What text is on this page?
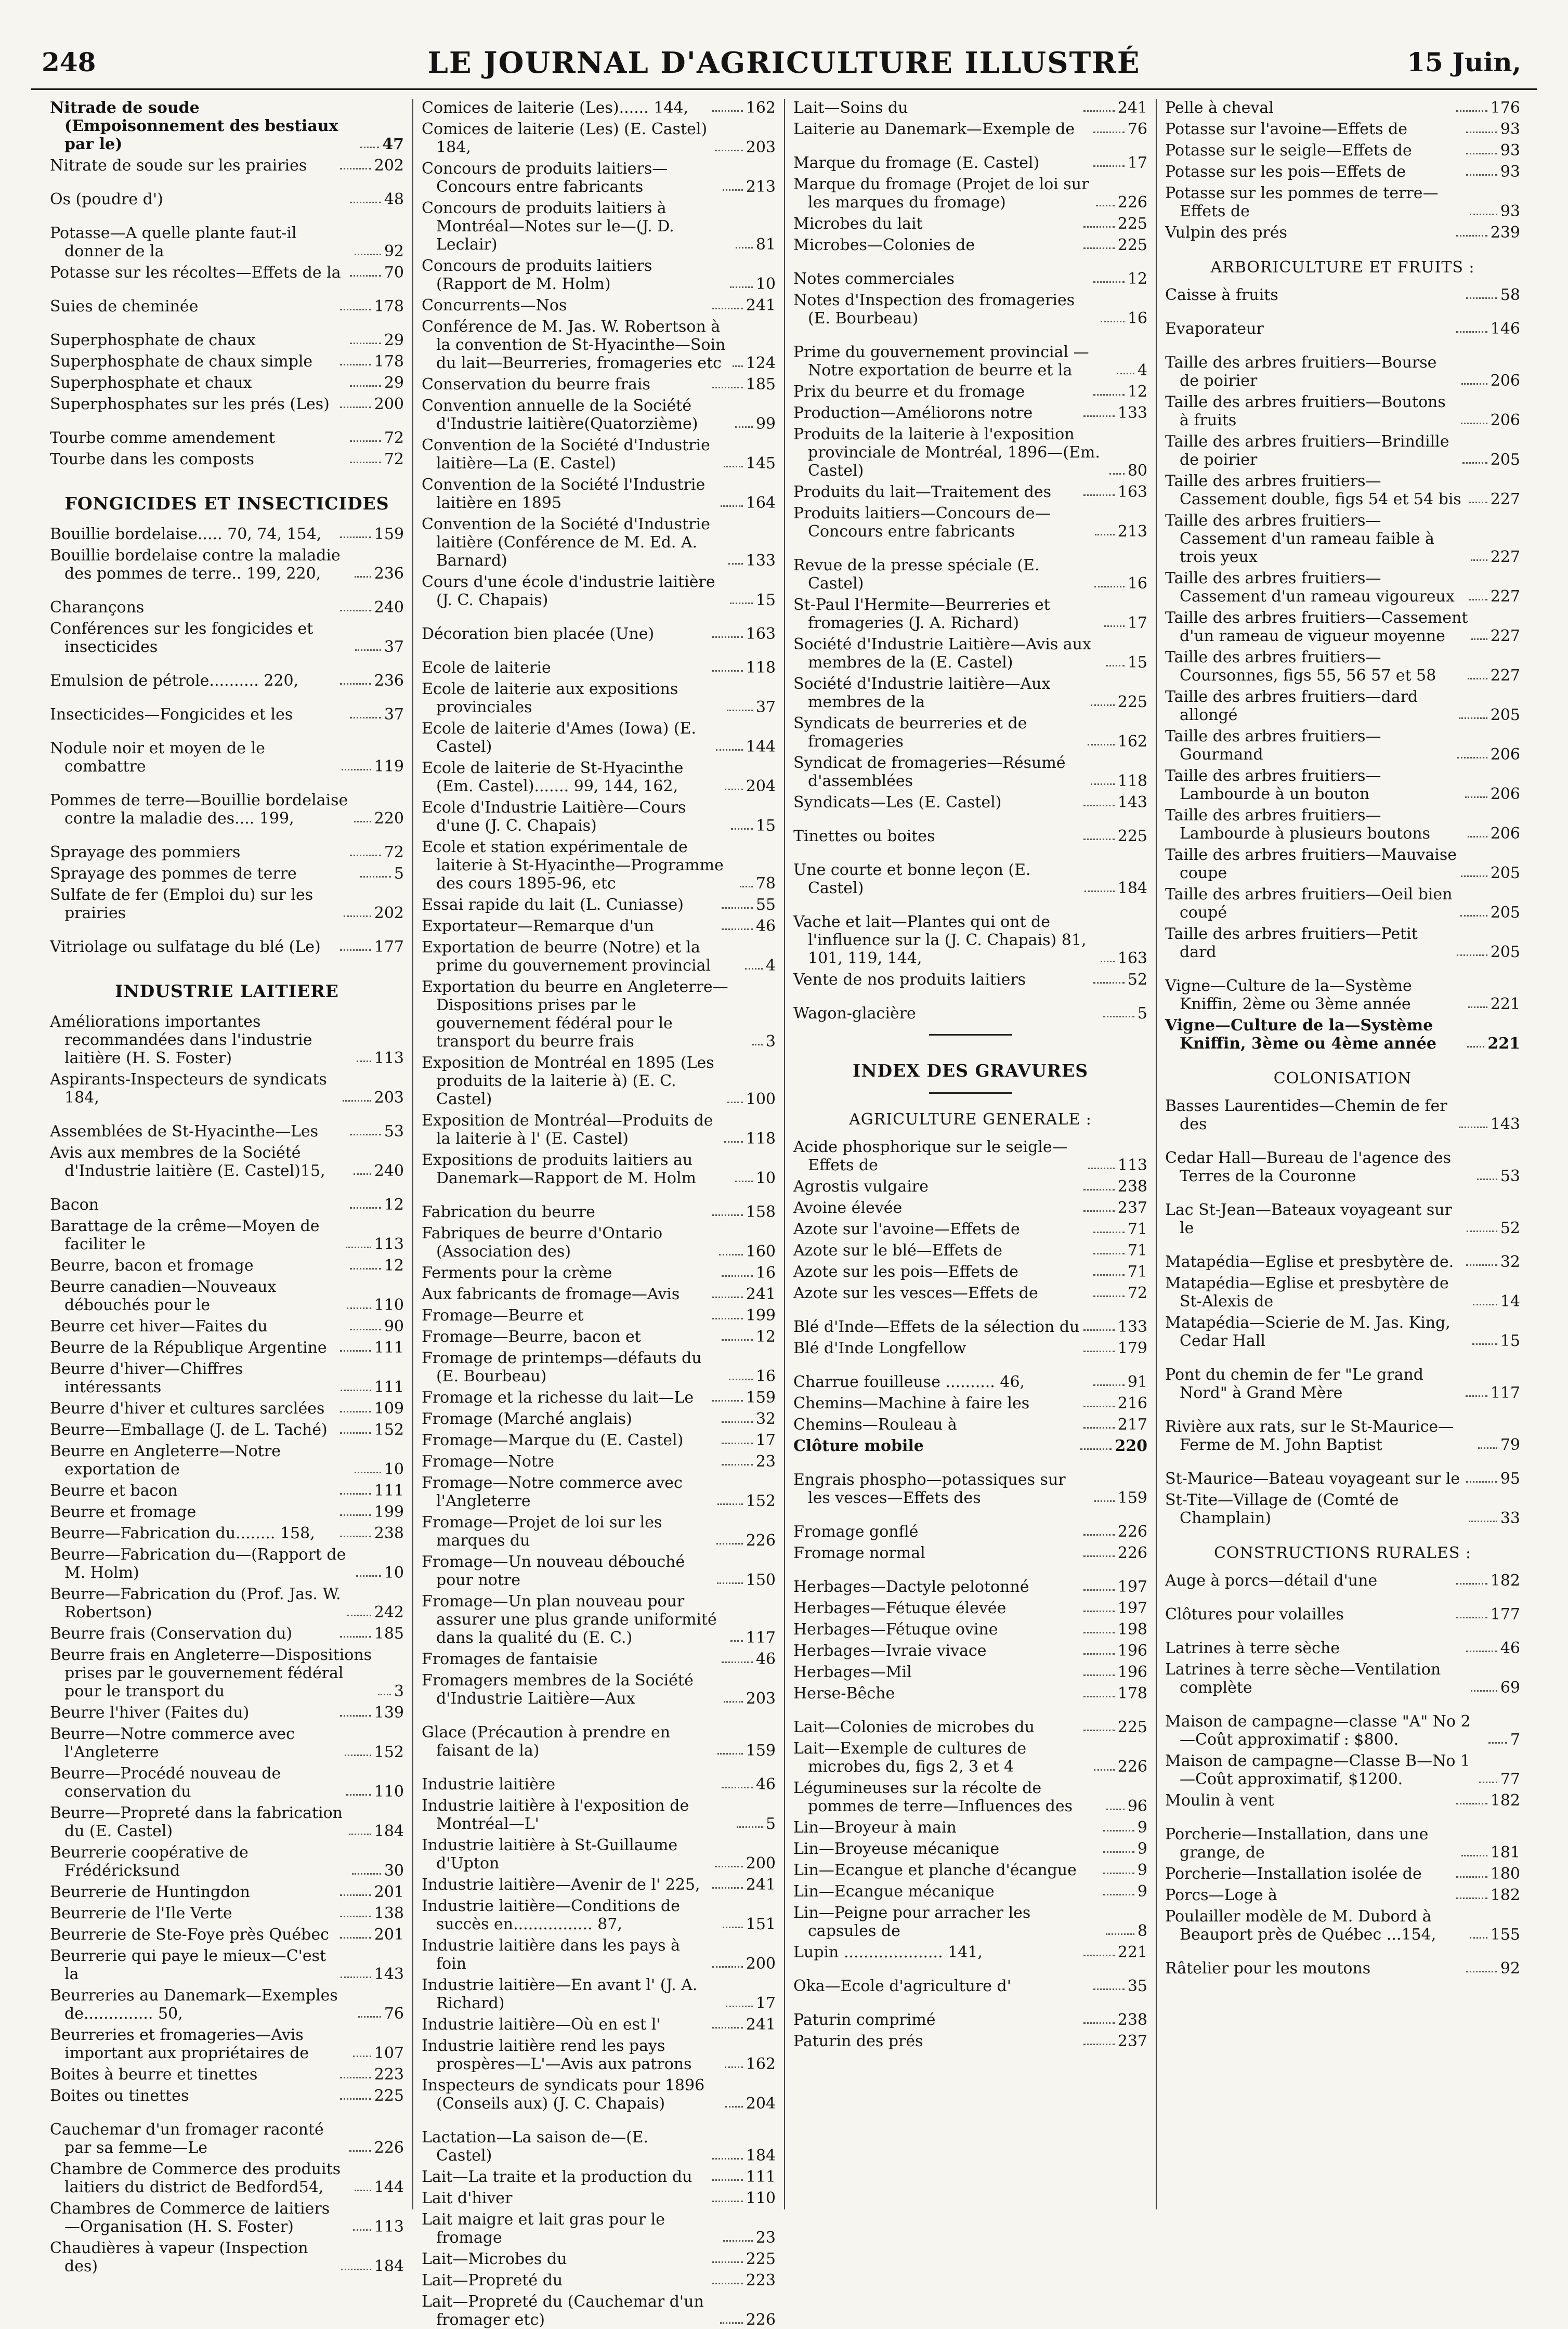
248	LE JOURNAL D'AGRICULTURE ILLUSTRÉ	15 Juin,
Nitrade de soude (Empoisonnement des bestiaux par le)	47
Nitrate de soude sur les prairies	202
Os (poudre d')	48
Potasse—A quelle plante faut-il donner de la	92
Potasse sur les récoltes—Effets de la	70
Suies de cheminée	178
Superphosphate de chaux	29
Superphosphate de chaux simple	178
Superphosphate et chaux	29
Superphosphates sur les prés (Les)	200
Tourbe comme amendement	72
Tourbe dans les composts	72
FONGICIDES ET INSECTICIDES
Bouillie bordelaise..... 70, 74, 154,	159
Bouillie bordelaise contre la maladie des pommes de terre.. 199, 220,	236
Charançons	240
Conférences sur les fongicides et insecticides	37
Emulsion de pétrole.......... 220,	236
Insecticides—Fongicides et les	37
Nodule noir et moyen de le combattre	119
Pommes de terre—Bouillie bordelaise contre la maladie des.... 199,	220
Sprayage des pommiers	72
Sprayage des pommes de terre	5
Sulfate de fer (Emploi du) sur les prairies	202
Vitriolage ou sulfatage du blé (Le)	177
INDUSTRIE LAITIERE
Améliorations importantes recommandées dans l'industrie laitière (H. S. Foster)	113
Aspirants-Inspecteurs de syndicats 184,	203
Assemblées de St-Hyacinthe—Les	53
Avis aux membres de la Société d'Industrie laitière (E. Castel)15,	240
Bacon	12
Barattage de la crême—Moyen de faciliter le	113
Beurre, bacon et fromage	12
Beurre canadien—Nouveaux débouchés pour le	110
Beurre cet hiver—Faites du	90
Beurre de la République Argentine	111
Beurre d'hiver—Chiffres intéressants	111
Beurre d'hiver et cultures sarclées	109
Beurre—Emballage (J. de L. Taché)	152
Beurre en Angleterre—Notre exportation de	10
Beurre et bacon	111
Beurre et fromage	199
Beurre—Fabrication du........ 158,	238
Beurre—Fabrication du—(Rapport de M. Holm)	10
Beurre—Fabrication du (Prof. Jas. W. Robertson)	242
Beurre frais (Conservation du)	185
Beurre frais en Angleterre—Dispositions prises par le gouvernement fédéral pour le transport du	3
Beurre l'hiver (Faites du)	139
Beurre—Notre commerce avec l'Angleterre	152
Beurre—Procédé nouveau de conservation du	110
Beurre—Propreté dans la fabrication du (E. Castel)	184
Beurrerie coopérative de Frédéricksund	30
Beurrerie de Huntingdon	201
Beurrerie de l'Ile Verte	138
Beurrerie de Ste-Foye près Québec	201
Beurrerie qui paye le mieux—C'est la	143
Beurreries au Danemark—Exemples de.............. 50,	76
Beurreries et fromageries—Avis important aux propriétaires de	107
Boites à beurre et tinettes	223
Boites ou tinettes	225
Cauchemar d'un fromager raconté par sa femme—Le	226
Chambre de Commerce des produits laitiers du district de Bedford54,	144
Chambres de Commerce de laitiers —Organisation (H. S. Foster)	113
Chaudières à vapeur (Inspection des)	184
Comices de laiterie (Les)...... 144,	162
Comices de laiterie (Les) (E. Castel) 184,	203
Concours de produits laitiers—Concours entre fabricants	213
Concours de produits laitiers à Montréal—Notes sur le—(J. D. Leclair)	81
Concours de produits laitiers (Rapport de M. Holm)	10
Concurrents—Nos	241
Conférence de M. Jas. W. Robertson à la convention de St-Hyacinthe—Soin du lait—Beurreries, fromageries etc	124
Conservation du beurre frais	185
Convention annuelle de la Société d'Industrie laitière(Quatorzième)	99
Convention de la Société d'Industrie laitière—La (E. Castel)	145
Convention de la Société l'Industrie laitière en 1895	164
Convention de la Société d'Industrie laitière (Conférence de M. Ed. A. Barnard)	133
Cours d'une école d'industrie laitière (J. C. Chapais)	15
Décoration bien placée (Une)	163
Ecole de laiterie	118
Ecole de laiterie aux expositions provinciales	37
Ecole de laiterie d'Ames (Iowa) (E. Castel)	144
Ecole de laiterie de St-Hyacinthe (Em. Castel)....... 99, 144, 162,	204
Ecole d'Industrie Laitière—Cours d'une (J. C. Chapais)	15
Ecole et station expérimentale de laiterie à St-Hyacinthe—Programme des cours 1895-96, etc	78
Essai rapide du lait (L. Cuniasse)	55
Exportateur—Remarque d'un	46
Exportation de beurre (Notre) et la prime du gouvernement provincial	4
Exportation du beurre en Angleterre—Dispositions prises par le gouvernement fédéral pour le transport du beurre frais	3
Exposition de Montréal en 1895 (Les produits de la laiterie à) (E. C. Castel)	100
Exposition de Montréal—Produits de la laiterie à l' (E. Castel)	118
Expositions de produits laitiers au Danemark—Rapport de M. Holm	10
Fabrication du beurre	158
Fabriques de beurre d'Ontario (Association des)	160
Ferments pour la crème	16
Aux fabricants de fromage—Avis	241
Fromage—Beurre et	199
Fromage—Beurre, bacon et	12
Fromage de printemps—défauts du (E. Bourbeau)	16
Fromage et la richesse du lait—Le	159
Fromage (Marché anglais)	32
Fromage—Marque du (E. Castel)	17
Fromage—Notre	23
Fromage—Notre commerce avec l'Angleterre	152
Fromage—Projet de loi sur les marques du	226
Fromage—Un nouveau débouché pour notre	150
Fromage—Un plan nouveau pour assurer une plus grande uniformité dans la qualité du (E. C.)	117
Fromages de fantaisie	46
Fromagers membres de la Société d'Industrie Laitière—Aux	203
Glace (Précaution à prendre en faisant de la)	159
Industrie laitière	46
Industrie laitière à l'exposition de Montréal—L'	5
Industrie laitière à St-Guillaume d'Upton	200
Industrie laitière—Avenir de l' 225,	241
Industrie laitière—Conditions de succès en................ 87,	151
Industrie laitière dans les pays à foin	200
Industrie laitière—En avant l' (J. A. Richard)	17
Industrie laitière—Où en est l'	241
Industrie laitière rend les pays prospères—L'—Avis aux patrons	162
Inspecteurs de syndicats pour 1896 (Conseils aux) (J. C. Chapais)	204
Lactation—La saison de—(E. Castel)	184
Lait—La traite et la production du	111
Lait d'hiver	110
Lait maigre et lait gras pour le fromage	23
Lait—Microbes du	225
Lait—Propreté du	223
Lait—Propreté du (Cauchemar d'un fromager etc)	226
Lait—Soins du	241
Laiterie au Danemark—Exemple de	76
Marque du fromage (E. Castel)	17
Marque du fromage (Projet de loi sur les marques du fromage)	226
Microbes du lait	225
Microbes—Colonies de	225
Notes commerciales	12
Notes d'Inspection des fromageries (E. Bourbeau)	16
Prime du gouvernement provincial —Notre exportation de beurre et la	4
Prix du beurre et du fromage	12
Production—Améliorons notre	133
Produits de la laiterie à l'exposition provinciale de Montréal, 1896—(Em. Castel)	80
Produits du lait—Traitement des	163
Produits laitiers—Concours de—Concours entre fabricants	213
Revue de la presse spéciale (E. Castel)	16
St-Paul l'Hermite—Beurreries et fromageries (J. A. Richard)	17
Société d'Industrie Laitière—Avis aux membres de la (E. Castel)	15
Société d'Industrie laitière—Aux membres de la	225
Syndicats de beurreries et de fromageries	162
Syndicat de fromageries—Résumé d'assemblées	118
Syndicats—Les (E. Castel)	143
Tinettes ou boites	225
Une courte et bonne leçon (E. Castel)	184
Vache et lait—Plantes qui ont de l'influence sur la (J. C. Chapais) 81, 101, 119, 144,	163
Vente de nos produits laitiers	52
Wagon-glacière	5
INDEX DES GRAVURES
AGRICULTURE GENERALE :
Acide phosphorique sur le seigle—Effets de	113
Agrostis vulgaire	238
Avoine élevée	237
Azote sur l'avoine—Effets de	71
Azote sur le blé—Effets de	71
Azote sur les pois—Effets de	71
Azote sur les vesces—Effets de	72
Blé d'Inde—Effets de la sélection du 133
Blé d'Inde Longfellow	179
Charrue fouilleuse .......... 46,	91
Chemins—Machine à faire les	216
Chemins—Rouleau à	217
Clôture mobile	220
Engrais phospho—potassiques sur les vesces—Effets des	159
Fromage gonflé	226
Fromage normal	226
Herbages—Dactyle pelotonné	197
Herbages—Fétuque élevée	197
Herbages—Fétuque ovine	198
Herbages—Ivraie vivace	196
Herbages—Mil	196
Herse-Bêche	178
Lait—Colonies de microbes du	225
Lait—Exemple de cultures de microbes du, figs 2, 3 et 4	226
Légumineuses sur la récolte de pommes de terre—Influences des	96
Lin—Broyeur à main	9
Lin—Broyeuse mécanique	9
Lin—Ecangue et planche d'écangue	9
Lin—Ecangue mécanique	9
Lin—Peigne pour arracher les capsules de	8
Lupin .................... 141,	221
Oka—Ecole d'agriculture d'	35
Paturin comprimé	238
Paturin des prés	237
Pelle à cheval	176
Potasse sur l'avoine—Effets de	93
Potasse sur le seigle—Effets de	93
Potasse sur les pois—Effets de	93
Potasse sur les pommes de terre—Effets de	93
Vulpin des prés	239
ARBORICULTURE ET FRUITS :
Caisse à fruits	58
Evaporateur	146
Taille des arbres fruitiers—Bourse de poirier	206
Taille des arbres fruitiers—Boutons à fruits	206
Taille des arbres fruitiers—Brindille de poirier	205
Taille des arbres fruitiers—Cassement double, figs 54 et 54 bis 227
Taille des arbres fruitiers—Cassement d'un rameau faible à trois yeux	227
Taille des arbres fruitiers—Cassement d'un rameau vigoureux	227
Taille des arbres fruitiers—Cassement d'un rameau de vigueur moyenne	227
Taille des arbres fruitiers—Coursonnes, figs 55, 56 57 et 58	227
Taille des arbres fruitiers—dard allongé	205
Taille des arbres fruitiers—Gourmand	206
Taille des arbres fruitiers—Lambourde à un bouton	206
Taille des arbres fruitiers—Lambourde à plusieurs boutons	206
Taille des arbres fruitiers—Mauvaise coupe	205
Taille des arbres fruitiers—Oeil bien coupé	205
Taille des arbres fruitiers—Petit dard	205
Vigne—Culture de la—Système Kniffin, 2ème ou 3ème année	221
Vigne—Culture de la—Système Kniffin, 3ème ou 4ème année	221
COLONISATION
Basses Laurentides—Chemin de fer des	143
Cedar Hall—Bureau de l'agence des Terres de la Couronne	53
Lac St-Jean—Bateaux voyageant sur le	52
Matapédia—Eglise et presbytère de.	32
Matapédia—Eglise et presbytère de St-Alexis de	14
Matapédia—Scierie de M. Jas. King, Cedar Hall	15
Pont du chemin de fer "Le grand Nord" à Grand Mère	117
Rivière aux rats, sur le St-Maurice—Ferme de M. John Baptist	79
St-Maurice—Bateau voyageant sur le	95
St-Tite—Village de (Comté de Champlain)	33
CONSTRUCTIONS RURALES :
Auge à porcs—détail d'une	182
Clôtures pour volailles	177
Latrines à terre sèche	46
Latrines à terre sèche—Ventilation complète	69
Maison de campagne—classe "A" No 2—Coût approximatif : $800.	7
Maison de campagne—Classe B—No 1—Coût approximatif, $1200.	77
Moulin à vent	182
Porcherie—Installation, dans une grange, de	181
Porcherie—Installation isolée de	180
Porcs—Loge à	182
Poulailler modèle de M. Dubord à Beauport près de Québec ...154,	155
Râtelier pour les moutons	92
